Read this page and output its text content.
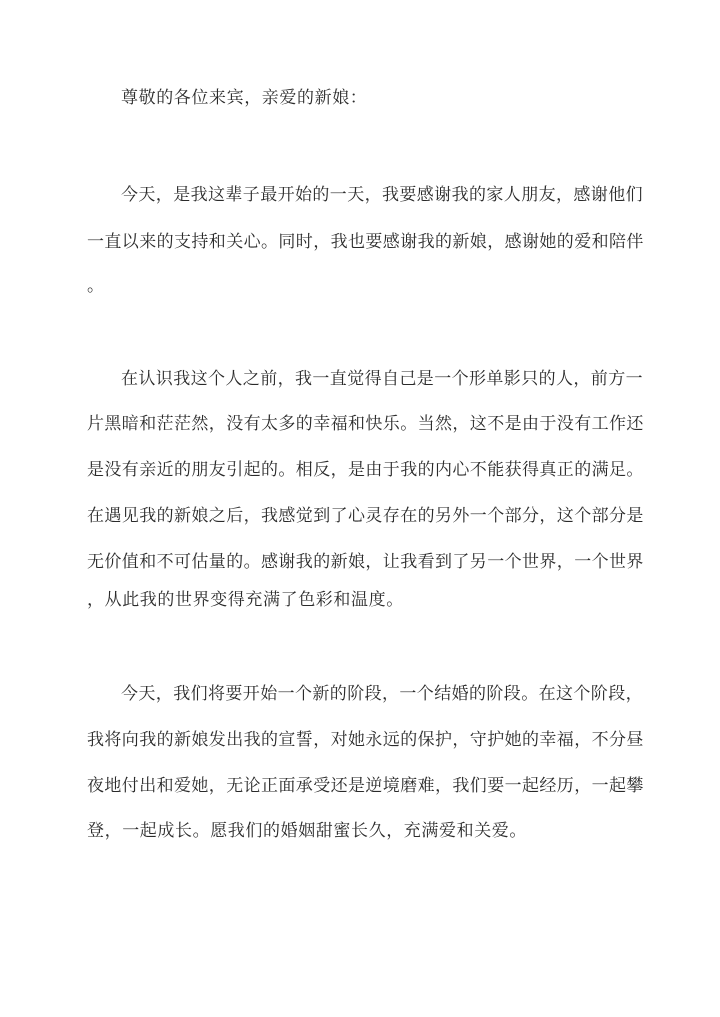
尊敬的各位来宾，亲爱的新娘：
今天，是我这辈子最开始的一天，我要感谢我的家人朋友，感谢他们
一直以来的支持和关心。同时，我也要感谢我的新娘，感谢她的爱和陪伴
。
在认识我这个人之前，我一直觉得自己是一个形单影只的人，前方一
片黑暗和茫茫然，没有太多的幸福和快乐。当然，这不是由于没有工作还
是没有亲近的朋友引起的。相反，是由于我的内心不能获得真正的满足。
在遇见我的新娘之后，我感觉到了心灵存在的另外一个部分，这个部分是
无价值和不可估量的。感谢我的新娘，让我看到了另一个世界，一个世界
，从此我的世界变得充满了色彩和温度。
今天，我们将要开始一个新的阶段，一个结婚的阶段。在这个阶段，
我将向我的新娘发出我的宣誓，对她永远的保护，守护她的幸福，不分昼
夜地付出和爱她，无论正面承受还是逆境磨难，我们要一起经历，一起攀
登，一起成长。愿我们的婚姻甜蜜长久，充满爱和关爱。
